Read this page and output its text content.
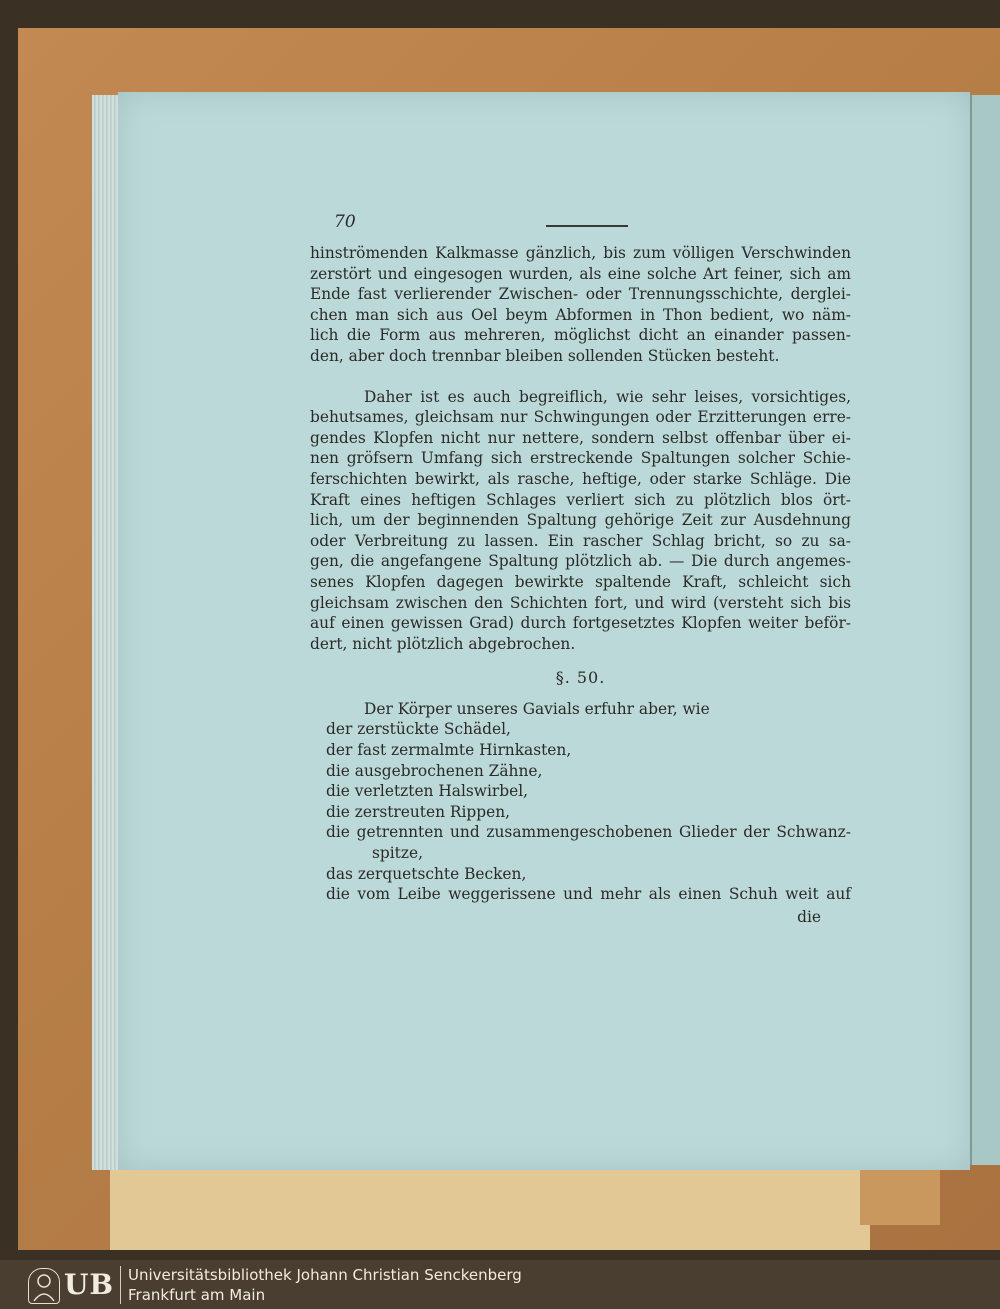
70
hinströmenden Kalkmasse gänzlich, bis zum völligen Verschwinden
zerstört und eingesogen wurden, als eine solche Art feiner, sich am
Ende fast verlierender Zwischen- oder Trennungsschichte, derglei-
chen man sich aus Oel beym Abformen in Thon bedient, wo näm-
lich die Form aus mehreren, möglichst dicht an einander passen-
den, aber doch trennbar bleiben sollenden Stücken besteht.
Daher ist es auch begreiflich, wie sehr leises, vorsichtiges,
behutsames, gleichsam nur Schwingungen oder Erzitterungen erre-
gendes Klopfen nicht nur nettere, sondern selbst offenbar über ei-
nen gröfsern Umfang sich erstreckende Spaltungen solcher Schie-
ferschichten bewirkt, als rasche, heftige, oder starke Schläge. Die
Kraft eines heftigen Schlages verliert sich zu plötzlich blos ört-
lich, um der beginnenden Spaltung gehörige Zeit zur Ausdehnung
oder Verbreitung zu lassen. Ein rascher Schlag bricht, so zu sa-
gen, die angefangene Spaltung plötzlich ab. — Die durch angemes-
senes Klopfen dagegen bewirkte spaltende Kraft, schleicht sich
gleichsam zwischen den Schichten fort, und wird (versteht sich bis
auf einen gewissen Grad) durch fortgesetztes Klopfen weiter beför-
dert, nicht plötzlich abgebrochen.
§. 50.
Der Körper unseres Gavials erfuhr aber, wie
der zerstückte Schädel,
der fast zermalmte Hirnkasten,
die ausgebrochenen Zähne,
die verletzten Halswirbel,
die zerstreuten Rippen,
die getrennten und zusammengeschobenen Glieder der Schwanz-
spitze,
das zerquetschte Becken,
die vom Leibe weggerissene und mehr als einen Schuh weit auf
die
UB Universitätsbibliothek Johann Christian Senckenberg
Frankfurt am Main
